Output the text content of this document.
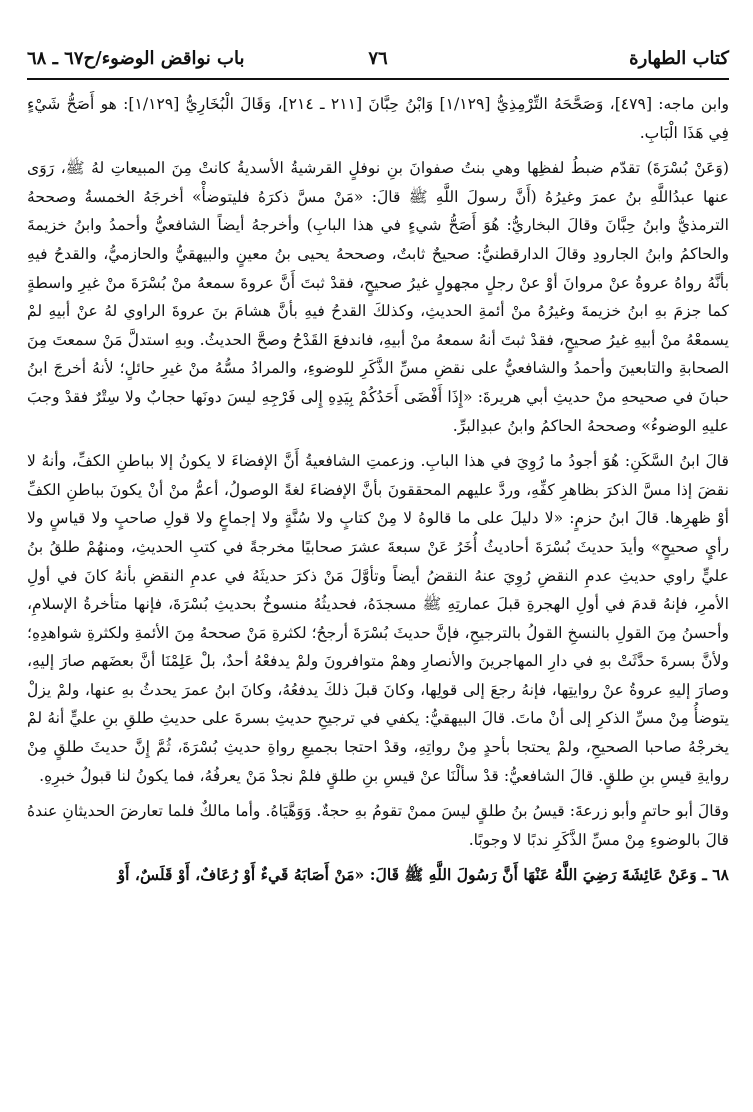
كتاب الطهارة
٧٦
باب نواقض الوضوء/ح٦٧ ـ ٦٨

وابن ماجه: [٤٧٩]، وَصَحَّحَهُ التِّرْمِذِيُّ [١/١٢٩] وَابْنُ حِبَّانَ [٢١١ ـ ٢١٤]، وَقَالَ الْبُخَارِيُّ [١/١٢٩]: هو أَصَحُّ شَيْءٍ فِي هَذَا الْبَابِ.

(وَعَنْ بُسْرَةَ) تقدّم ضبطُ لفظِها وهي بنتُ صفوانَ بنِ نوفلٍ القرشيةُ الأسديةُ كانتْ مِنَ المبيعاتِ لهُ ﷺ، رَوَى عنها عبدُاللَّهِ بنُ عمرَ وغيرُهُ (أَنَّ رسولَ اللَّهِ ﷺ قالَ: «مَنْ مسَّ ذكرَهُ فليتوضأْ» أخرجَهُ الخمسةُ وصححهُ الترمذيُّ وابنُ حِبَّانَ وقالَ البخاريُّ: هُوَ أَصَحُّ شيءٍ في هذا البابِ) وأخرجهُ أيضاً الشافعيُّ وأحمدُ وابنُ خزيمةَ والحاكمُ وابنُ الجارودِ وقالَ الدارقطنيُّ: صحيحٌ ثابتٌ، وصححهُ يحيى بنُ معينٍ والبيهقيُّ والحازميُّ، والقدحُ فيهِ بأنَّهُ رواهُ عروةُ عنْ مروانَ أوْ عنْ رجلٍ مجهولٍ غيرُ صحيحٍ، فقدْ ثبتَ أَنَّ عروةَ سمعهُ منْ بُسْرَةَ منْ غيرِ واسطةٍ كما جزمَ بهِ ابنُ خزيمةَ وغيرُهُ منْ أئمةِ الحديثِ، وكذلكَ القدحُ فيهِ بأنَّ هشامَ بنَ عروةَ الراوي لهُ عنْ أبيهِ لمْ يسمعْهُ منْ أبيهِ غيرُ صحيحٍ، فقدْ ثبتَ أنهُ سمعهُ منْ أبيهِ، فاندفعَ القَدْحُ وصحَّ الحديثُ. وبهِ استدلَّ مَنْ سمعتَ مِنَ الصحابةِ والتابعينَ وأحمدُ والشافعيُّ على نقضِ مسِّ الذَّكَرِ للوضوءِ، والمرادُ مسُّهُ منْ غيرِ حائلٍ؛ لأنهُ أخرجَ ابنُ حبانَ في صحيحهِ منْ حديثِ أبي هريرةَ: «إِذَا أَفْضَى أَحَدُكُمْ بِيَدِهِ إِلى فَرْجِهِ ليسَ دونَها حجابٌ ولا سِتْرٌ فقدْ وجبَ عليهِ الوضوءُ» وصححهُ الحاكمُ وابنُ عبدِالبرِّ.

قالَ ابنُ السَّكَنِ: هُوَ أجودُ ما رُوِيَ في هذا البابِ. وزعمتِ الشافعيةُ أَنَّ الإفضاءَ لا يكونُ إلا بباطنِ الكفِّ، وأنهُ لا نقضَ إذا مسَّ الذكرَ بظاهرِ كفِّهِ، وردَّ عليهم المحققونَ بأنَّ الإفضاءَ لغةً الوصولُ، أعمُّ منْ أنْ يكونَ بباطنِ الكفِّ أوْ ظهرِها. قالَ ابنُ حزمٍ: «لا دليلَ على ما قالوهُ لا مِنْ كتابٍ ولا سُنَّةٍ ولا إجماعٍ ولا قولِ صاحبٍ ولا قياسٍ ولا رأيٍ صحيحٍ» وأيدَ حديثَ بُسْرَةَ أحاديثُ أُخَرُ عَنْ سبعةَ عشرَ صحابيًا مخرجةً في كتبِ الحديثِ، ومنهُمْ طلقُ بنُ عليٍّ راوي حديثِ عدمِ النقضِ رُوِيَ عنهُ النقضُ أيضاً وتأوَّلَ مَنْ ذكرَ حديثَهُ في عدمِ النقضِ بأنهُ كانَ في أولِ الأمرِ، فإنهُ قدمَ في أولِ الهجرةِ قبلَ عمارتِهِ ﷺ مسجدَهُ، فحديثُهُ منسوخٌ بحديثِ بُسْرَةَ، فإنها متأخرةُ الإسلامِ، وأحسنُ مِنَ القولِ بالنسخِ القولُ بالترجيحِ، فإنَّ حديثَ بُسْرَةَ أرجحُ؛ لكثرةِ مَنْ صححهُ مِنَ الأئمةِ ولكثرةِ شواهدِهِ؛ ولأنَّ بسرةَ حدَّثَتْ بهِ في دارِ المهاجرينَ والأنصارِ وهمْ متوافرونَ ولمْ يدفعْهُ أحدٌ، بلْ عَلِمْنَا أنَّ بعضَهم صارَ إليهِ، وصارَ إليهِ عروةُ عنْ روايتِها، فإنهُ رجعَ إلى قولِها، وكانَ قبلَ ذلكَ يدفعُهُ، وكانَ ابنُ عمرَ يحدثُ بهِ عنها، ولمْ يزلْ يتوضأُ مِنْ مسِّ الذكرِ إلى أنْ ماتَ. قالَ البيهقيُّ: يكفي في ترجيحِ حديثِ بسرةَ على حديثِ طلقِ بنِ عليٍّ أنهُ لمْ يخرجْهُ صاحبا الصحيحِ، ولمْ يحتجا بأحدٍ مِنْ رواتِهِ، وقدْ احتجا بجميعِ رواةِ حديثِ بُسْرَةَ، ثُمَّ إِنَّ حديثَ طلقٍ مِنْ روايةِ قيسِ بنِ طلقٍ. قالَ الشافعيُّ: قدْ سألْنَا عنْ قيسِ بنِ طلقٍ فلمْ نجدْ مَنْ يعرفُهُ، فما يكونُ لنا قبولُ خبرِهِ.

وقالَ أبو حاتمٍ وأبو زرعةَ: قيسُ بنُ طلقٍ ليسَ ممنْ تقومُ بهِ حجةٌ. وَوَهَّيَاهُ. وأما مالكٌ فلما تعارضَ الحديثانِ عندهُ قالَ بالوضوءِ مِنْ مسِّ الذَّكَرِ ندبًا لا وجوبًا.

٦٨ ـ وَعَنْ عَائِشَةَ رَضِيَ اللَّهُ عَنْهَا أَنَّ رَسُولَ اللَّهِ ﷺ قَالَ: «مَنْ أَصَابَهُ قَيءٌ أَوْ رُعَافٌ، أَوْ قَلَسٌ، أَوْ
